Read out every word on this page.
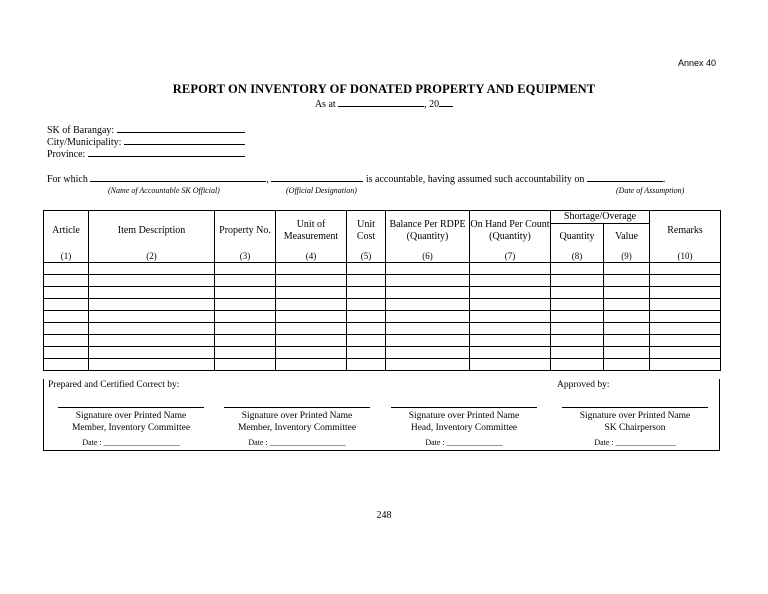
Annex 40
REPORT ON INVENTORY OF DONATED PROPERTY AND EQUIPMENT
As at	, 20
SK of Barangay:
City/Municipality:
Province:
For which	,	is accountable, having assumed such accountability on	.
(Name of Accountable SK Official)	(Official Designation)	(Date of Assumption)
Article	Item Description	Property No.	Unit of Measurement	Unit Cost	Balance Per RDPE (Quantity)	On Hand Per Count (Quantity)	Shortage/Overage		Remarks
							Quantity	Value	
(1)	(2)	(3)	(4)	(5)	(6)	(7)	(8)	(9)	(10)

Prepared and Certified Correct by:	Approved by:
Signature over Printed Name
Member, Inventory Committee
Date : ___________________
Signature over Printed Name
Member, Inventory Committee
Date : ___________________
Signature over Printed Name
Head, Inventory Committee
Date : ______________
Signature over Printed Name
SK Chairperson
Date : _______________
248
